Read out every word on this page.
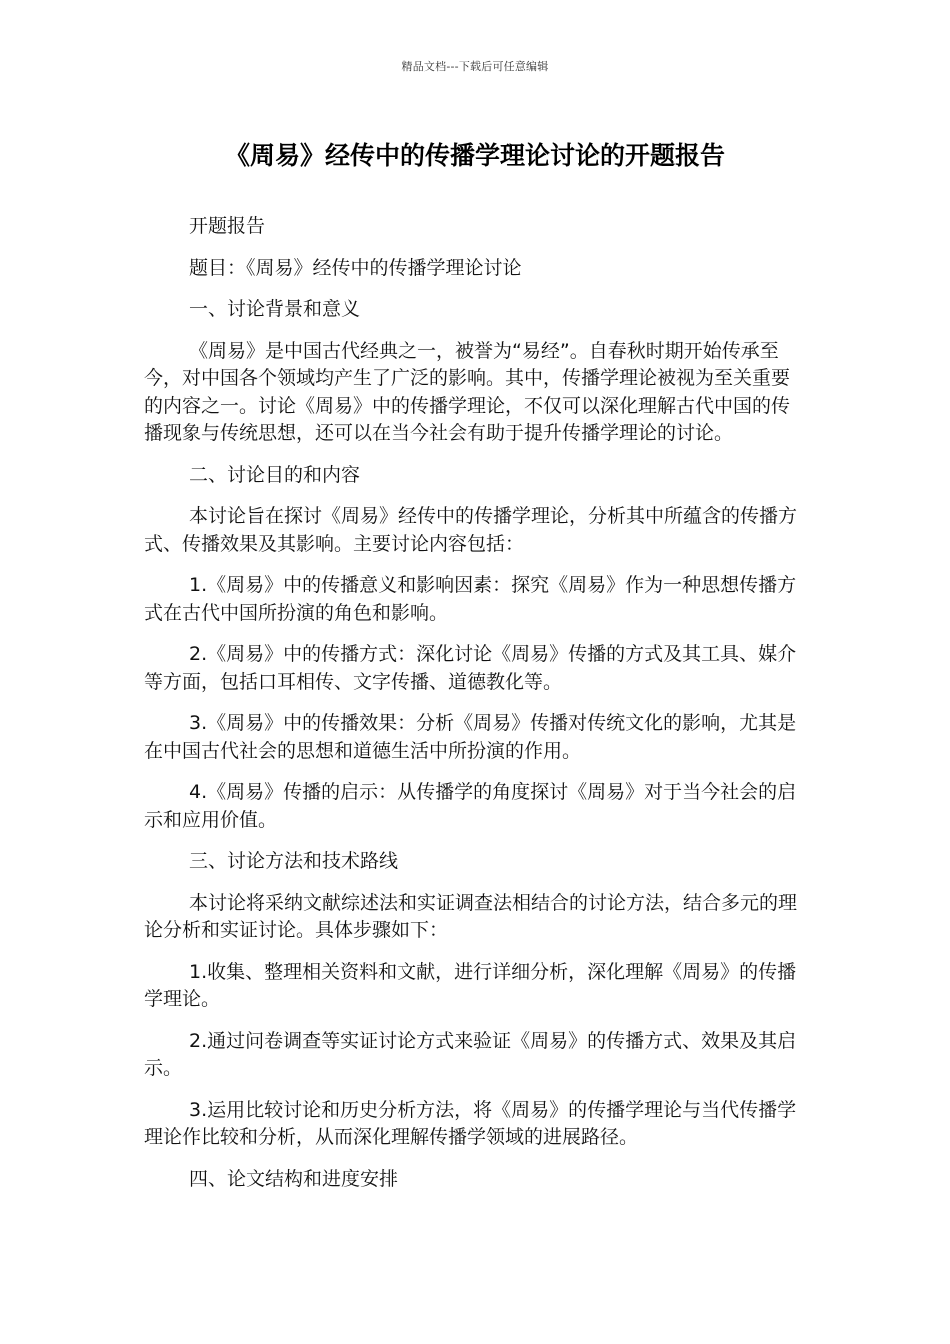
精品文档---下载后可任意编辑
《周易》经传中的传播学理论讨论的开题报告

开题报告

题目：《周易》经传中的传播学理论讨论

一、讨论背景和意义

《周易》是中国古代经典之一，被誉为“易经”。自春秋时期开始传承至今，对中国各个领域均产生了广泛的影响。其中，传播学理论被视为至关重要的内容之一。讨论《周易》中的传播学理论，不仅可以深化理解古代中国的传播现象与传统思想，还可以在当今社会有助于提升传播学理论的讨论。

二、讨论目的和内容

本讨论旨在探讨《周易》经传中的传播学理论，分析其中所蕴含的传播方式、传播效果及其影响。主要讨论内容包括：

1.《周易》中的传播意义和影响因素：探究《周易》作为一种思想传播方式在古代中国所扮演的角色和影响。

2.《周易》中的传播方式：深化讨论《周易》传播的方式及其工具、媒介等方面，包括口耳相传、文字传播、道德教化等。

3.《周易》中的传播效果：分析《周易》传播对传统文化的影响，尤其是在中国古代社会的思想和道德生活中所扮演的作用。

4.《周易》传播的启示：从传播学的角度探讨《周易》对于当今社会的启示和应用价值。

三、讨论方法和技术路线

本讨论将采纳文献综述法和实证调查法相结合的讨论方法，结合多元的理论分析和实证讨论。具体步骤如下：

1.收集、整理相关资料和文献，进行详细分析，深化理解《周易》的传播学理论。

2.通过问卷调查等实证讨论方式来验证《周易》的传播方式、效果及其启示。

3.运用比较讨论和历史分析方法，将《周易》的传播学理论与当代传播学理论作比较和分析，从而深化理解传播学领域的进展路径。

四、论文结构和进度安排
